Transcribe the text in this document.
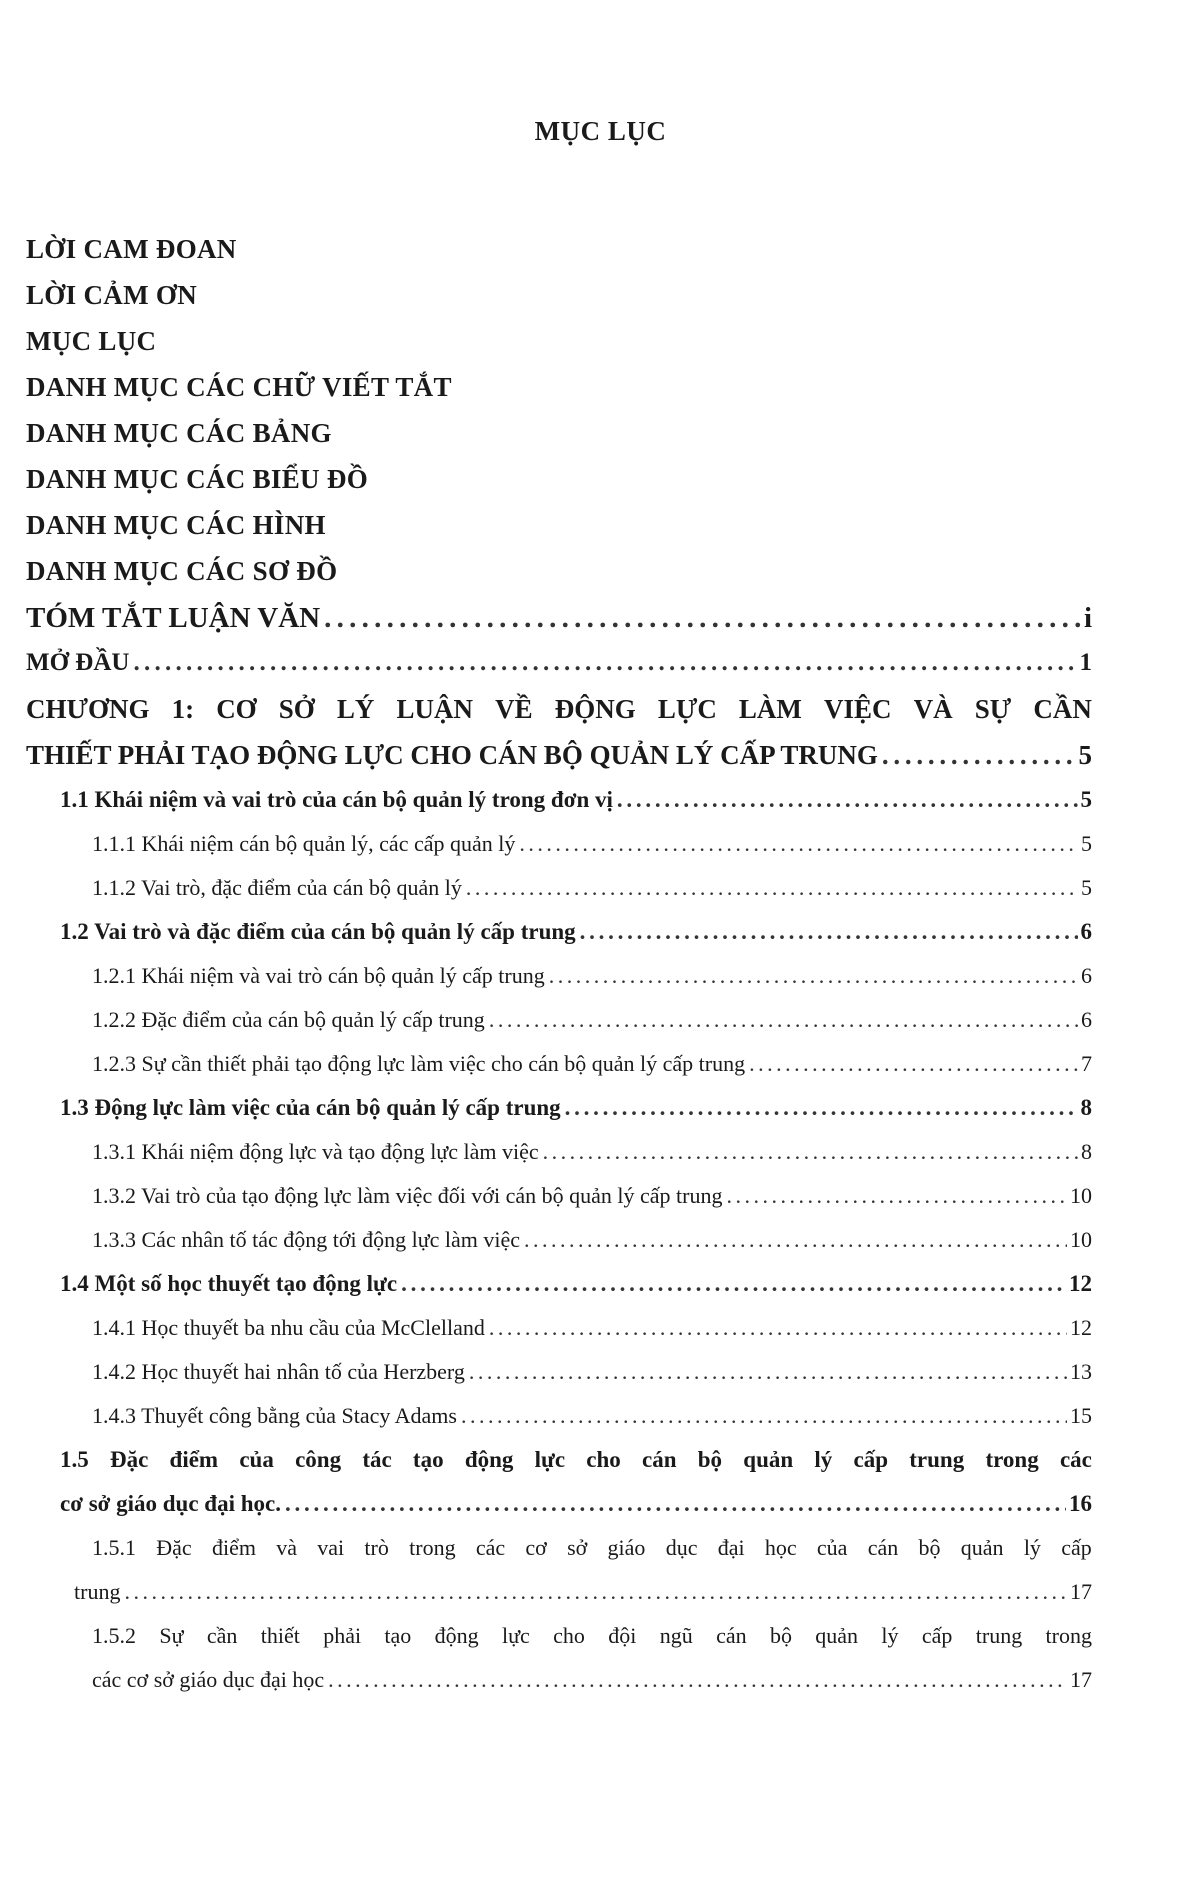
MỤC LỤC
LỜI CAM ĐOAN
LỜI CẢM ƠN
MỤC LỤC
DANH MỤC CÁC CHỮ VIẾT TẮT
DANH MỤC CÁC BẢNG
DANH MỤC CÁC BIỂU ĐỒ
DANH MỤC CÁC HÌNH
DANH MỤC CÁC SƠ ĐỒ
TÓM TẮT LUẬN VĂN . . .	i
MỞ ĐẦU . . .	1
CHƯƠNG 1: CƠ SỞ LÝ LUẬN VỀ ĐỘNG LỰC LÀM VIỆC VÀ SỰ CẦN
THIẾT PHẢI TẠO ĐỘNG LỰC CHO CÁN BỘ QUẢN LÝ CẤP TRUNG . . .	5
1.1 Khái niệm và vai trò của cán bộ quản lý trong đơn vị . . .	5
1.1.1 Khái niệm cán bộ quản lý, các cấp quản lý . . .	5
1.1.2 Vai trò, đặc điểm của cán bộ quản lý . . .	5
1.2 Vai trò và đặc điểm của cán bộ quản lý cấp trung . . .	6
1.2.1 Khái niệm và vai trò cán bộ quản lý cấp trung . . .	6
1.2.2 Đặc điểm của cán bộ quản lý cấp trung . . .	6
1.2.3 Sự cần thiết phải tạo động lực làm việc cho cán bộ quản lý cấp trung . . .	7
1.3 Động lực làm việc của cán bộ quản lý cấp trung . . .	8
1.3.1 Khái niệm động lực và tạo động lực làm việc . . .	8
1.3.2 Vai trò của tạo động lực làm việc đối với cán bộ quản lý cấp trung . . .	10
1.3.3 Các nhân tố tác động tới động lực làm việc . . .	10
1.4 Một số học thuyết tạo động lực . . .	12
1.4.1 Học thuyết ba nhu cầu của McClelland . . .	12
1.4.2 Học thuyết hai nhân tố của Herzberg . . .	13
1.4.3 Thuyết công bằng của Stacy Adams . . .	15
1.5 Đặc điểm của công tác tạo động lực cho cán bộ quản lý cấp trung trong các
cơ sở giáo dục đại học. . . .	16
1.5.1 Đặc điểm và vai trò trong các cơ sở giáo dục đại học của cán bộ quản lý cấp
trung . . .	17
1.5.2 Sự cần thiết phải tạo động lực cho đội ngũ cán bộ quản lý cấp trung trong
các cơ sở giáo dục đại học . . .	17
